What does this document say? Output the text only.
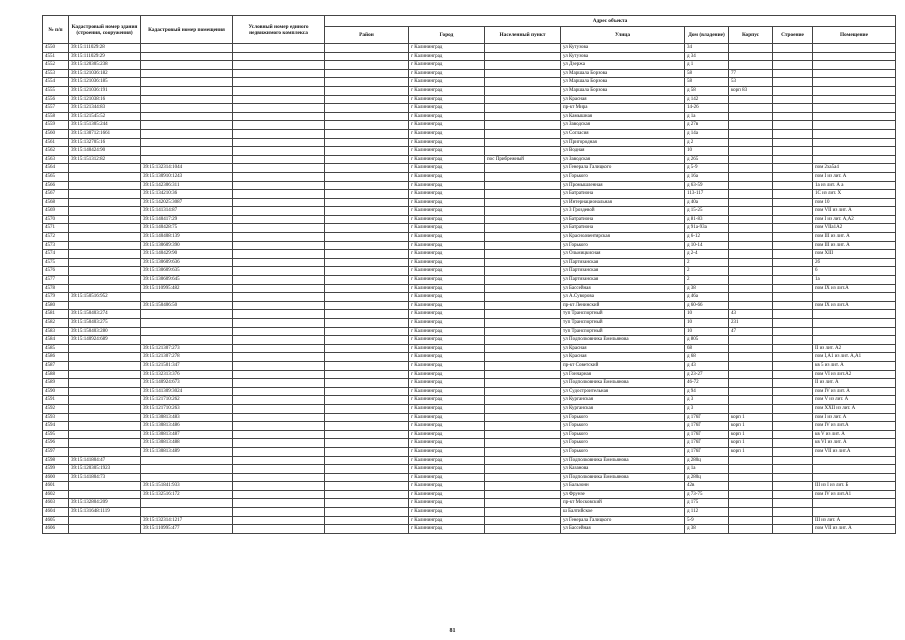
№ п/п	Кадастровый номер здания (строения, сооружения)	Кадастровый номер помещения	Условный номер единого недвижимого комплекса	Адрес объекта							
				Район	Город	Населенный пункт	Улица	Дом (владение)	Корпус	Строение	Помещение
4550	39:15:111029:28				г Калининград		ул Кутузова	34			
4551	39:15:111029:29				г Калининград		ул Кутузова	д 34			
4552	39:15:120305:238				г Калининград		ул Дзержа	д 1			
4553	39:15:121036:182				г Калининград		ул Маршала Борзова	58	77		
4554	39:15:121036:185				г Калининград		ул Маршала Борзова	58	53		
4555	39:15:121036:191				г Калининград		ул Маршала Борзова	д 58	корп 83		
4556	39:15:121038:16				г Калининград		ул Красная	д 142			
4557	39:15:121344:83				г Калининград		пр-кт Мира	14-26			
4558	39:15:121545:52				г Калининград		ул Камышная	д 1а			
4559	39:15:151305:244				г Калининград		ул Заводская	д 27в			
4560	39:15:130712:1661				г Калининград		ул Согласия	д 14а			
4561	39:15:132705:16				г Калининград		ул Пригородная	д 2			
4562	39:15:140424:90				г Калининград		ул Водная	10			
4563	39:15:151312:82				г Калининград	пос Прибрежный	ул Заводская	д 265			
4564		39:15:132314:1044			г Калининград		ул Генерала Галицкого	д 5-9			пом 2ха5а4
4565		39:15:130910:1243			г Калининград		ул Горького	д 16а			пом I из лит. А
4566		39:15:142306:311			г Калининград		ул Промышленная	д 63-59			1а из лит. А а
4567		39:15:134210:36			г Калининград		ул Батратионa	113-117			1С из лит. Х
4568		39:15:142025:3087			г Калининград		ул Интернациональная	д 40а			пом 10
4569		39:15:141314:87			г Калининград		ул 3 Гроздевой	д 15-25			пом VII из лит. А
4570		39:15:140417:29			г Калининград		ул Батратионa	д 81-83			пом I из лит. А,А2
4571		39:15:140428:75			г Калининград		ул Батратионa	д 91а-93а			пом VIIa1А2
4572		39:15:140408:139			г Калининград		ул Красноачентярская	д 6-12			пом III из лит. А
4573		39:15:130609:390			г Калининград		ул Горького	д 10-14			пом III из лит. А
4574		39:15:140429:90			г Калининград		ул Ольмицкисная	д 2-4			пом XIII
4575		39:15:130609:636			г Калининград		ул Партизанская	2			2б
4576		39:15:130609:635			г Калининград		ул Партизанская	2			6
4577		39:15:130609:645			г Калининград		ул Партизанская	2			1а
4578		39:15:110995:482			г Калининград		ул Бассейная	д 38			пом IX из лит.А
4579	39:15:150516:952				г Калининград		ул А.Суворова	д 46а			
4580		39:15:150406:50			г Калининград		пр-кт Ленинский	д 60-66			пом IX из лит.А
4581	39:15:150403:274				г Калининград		туп Транспортный	10	43		
4582	39:15:150403:275				г Калининград		туп Транспортный	10	231		
4583	39:15:150403:280				г Калининград		туп Транспортный	10	47		
4584	39:15:140924:689				г Калининград		ул Подполковника Емельянова	д 805			
4585		39:15:121307:273			г Калининград		ул Красная	68			II из лит. А2
4586		39:15:121307:278			г Калининград		ул Красная	д 68			пом I,А1 из лит. А,А1
4587		39:15:121501:347			г Калининград		пр-кт Советский	д 43			кв 5 из лит. А
4588		39:15:132313:376			г Калининград		ул Гончарная	д 23-27			пом VI из лит.А2
4589		39:15:140924:673			г Калининград		ул Подполковника Емельянова	46-72			II из лит. А
4590		39:15:141309:3024			г Калининград		ул Судостроительная	д 94			пом IV из лит. А
4591		39:15:121710:262			г Калининград		ул Курганская	д 3			пом V из лит. А
4592		39:15:121710:263			г Калининград		ул Курганская	д 3			пом XXII из лит. А
4593		39:15:130813:483			г Калининград		ул Горького	д 176Г	корп 1		пом I из лит. А
4594		39:15:130813:486			г Калининград		ул Горького	д 176Г	корп 1		пом IV из лит.А
4595		39:15:130813:487			г Калининград		ул Горького	д 176Г	корп 1		кв V из лит. А
4596		39:15:130813:488			г Калининград		ул Горького	д 176Г	корп 1		кв VI из лит. А
4597		39:15:130813:489			г Калининград		ул Горького	д 176Г	корп 1		пом VII из лит.А
4598	39:15:141804:47				г Калининград		ул Подполковника Емельянова	д 280ц			
4599	39:15:120305:1923				г Калининград		ул Казанова	д 1а			
4600	39:15:141804:73				г Калининград		ул Подполковника Емельянова	д 280ц			
4601		39:15:151841:933			г Калининград		ул Бальзонн	42в			III из I из лит. Б
4602		39:15:132516:172			г Калининград		ул Фрунзе	д 73-75			пом IV из лит.А1
4603	39:15:132804:209				г Калининград		пр-кт Московский	д 175			
4604	39:15:131648:1119				г Калининград		ш Балтийское	д 112			
4605		39:15:132314:1217			г Калининград		ул Генерала Галицкого	5-9			III из лит. А
4606		39:15:110995:477			г Калининград		ул Бассейная	д 38			пом VII из лит. А
81
